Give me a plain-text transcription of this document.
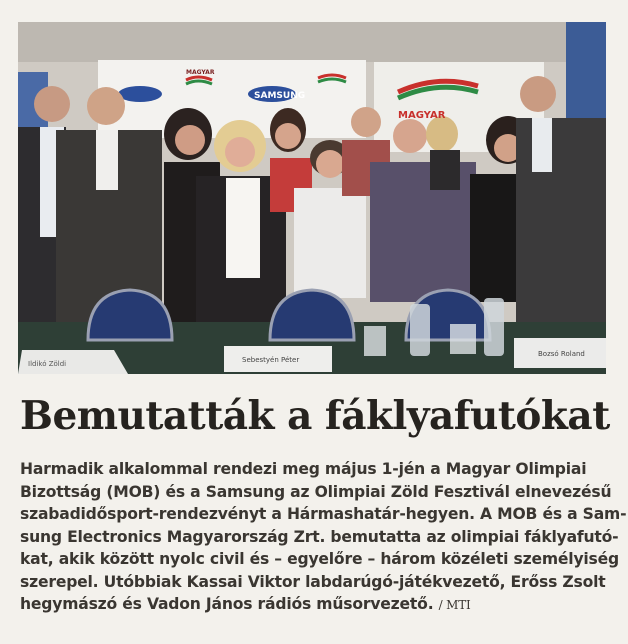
SAMSUNG
MAGYAR
MAGYAR
Ildikó Zöldi	Sebestyén Péter
Bozsó Roland
Bemutatták a fáklyafutókat

Harmadik alkalommal rendezi meg május 1-jén a Magyar Olimpiai
Bizottság (MOB) és a Samsung az Olimpiai Zöld Fesztivál elnevezésű
szabadidősport-rendezvényt a Hármashatár-hegyen. A MOB és a Sam-
sung Electronics Magyarország Zrt. bemutatta az olimpiai fáklyafutó-
kat, akik között nyolc civil és – egyelőre – három közéleti személyiség
szerepel. Utóbbiak Kassai Viktor labdarúgó-játékvezető, Erőss Zsolt
hegymászó és Vadon János rádiós műsorvezető. / MTI
